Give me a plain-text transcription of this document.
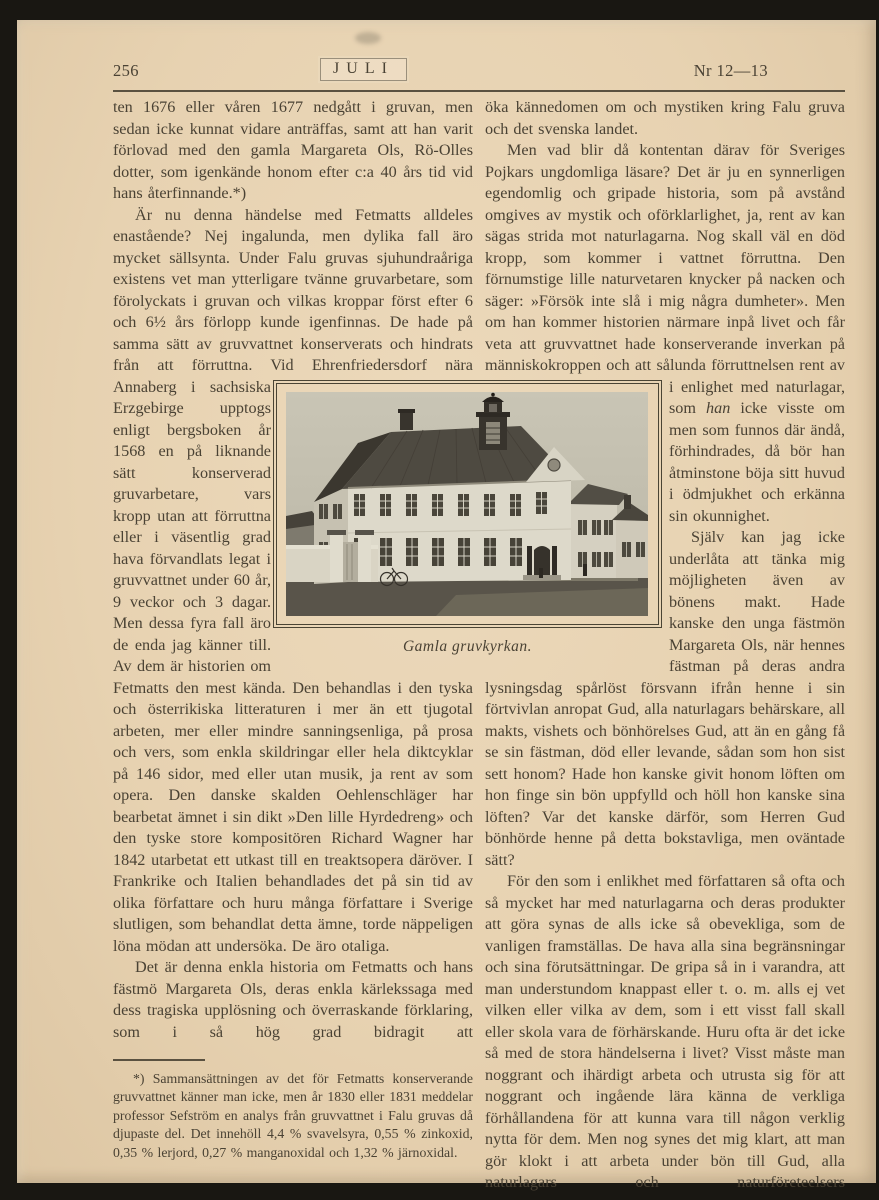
256	JULI	Nr 12—13

ten 1676 eller våren 1677 nedgått i gruvan, men sedan icke kunnat vidare anträffas, samt att han varit förlovad med den gamla Margareta Ols, Rö-Olles dotter, som igenkände honom efter c:a 40 års tid vid hans återfinnande.*)

Är nu denna händelse med Fetmatts alldeles enastående? Nej ingalunda, men dylika fall äro mycket sällsynta. Under Falu gruvas sjuhundraåriga existens vet man ytterligare tvänne gruvarbetare, som förolyckats i gruvan och vilkas kroppar först efter 6 och 6½ års förlopp kunde igenfinnas. De hade på samma sätt av gruvvattnet konserverats och hindrats från att förruttna. Vid Ehrenfriedersdorf nära Annaberg i sachsiska Erzgebirge upptogs enligt bergsboken år 1568 en på liknande sätt konserverad gruvarbetare, vars kropp utan att förruttna eller i väsentlig grad hava förvandlats legat i gruvvattnet under 60 år, 9 veckor och 3 dagar. Men dessa fyra fall äro de enda jag känner till. Av dem är historien om Fetmatts den mest kända. Den behandlas i den tyska och österrikiska litteraturen i mer än ett tjugotal arbeten, mer eller mindre sanningsenliga, på prosa och vers, som enkla skildringar eller hela diktcyklar på 146 sidor, med eller utan musik, ja rent av som opera. Den danske skalden Oehlenschläger har bearbetat ämnet i sin dikt »Den lille Hyrdedreng» och den tyske store kompositören Richard Wagner har 1842 utarbetat ett utkast till en treaktsopera däröver. I Frankrike och Italien behandlades det på sin tid av olika författare och huru många författare i Sverige slutligen, som behandlat detta ämne, torde näppeligen löna mödan att undersöka. De äro otaliga.

Det är denna enkla historia om Fetmatts och hans fästmö Margareta Ols, deras enkla kärlekssaga med dess tragiska upplösning och överraskande förklaring, som i så hög grad bidragit att

*) Sammansättningen av det för Fetmatts konserverande gruvvattnet känner man icke, men år 1830 eller 1831 meddelar professor Sefström en analys från gruvvattnet i Falu gruvas då djupaste del. Det innehöll 4,4 % svavelsyra, 0,55 % zinkoxid, 0,35 % lerjord, 0,27 % manganoxidal och 1,32 % järnoxidal.

öka kännedomen om och mystiken kring Falu gruva och det svenska landet.

Men vad blir då kontentan därav för Sveriges Pojkars ungdomliga läsare? Det är ju en synnerligen egendomlig och gripade historia, som på avstånd omgives av mystik och oförklarlighet, ja, rent av kan sägas strida mot naturlagarna. Nog skall väl en död kropp, som kommer i vattnet förruttna. Den förnumstige lille naturvetaren knycker på nacken och säger: »Försök inte slå i mig några dumheter». Men om han kommer historien närmare inpå livet och får veta att gruvvattnet hade konserverande inverkan på människokroppen och att sålunda förruttnelsen rent av i enlighet med naturlagar, som han icke visste om men som funnos där ändå, förhindrades, då bör han åtminstone böja sitt huvud i ödmjukhet och erkänna sin okunnighet.

Själv kan jag icke underlåta att tänka mig möjligheten även av bönens makt. Hade kanske den unga fästmön Margareta Ols, när hennes fästman på deras andra lysningsdag spårlöst försvann ifrån henne i sin förtvivlan anropat Gud, alla naturlagars behärskare, all makts, vishets och bönhörelses Gud, att än en gång få se sin fästman, död eller levande, sådan som hon sist sett honom? Hade hon kanske givit honom löften om hon finge sin bön uppfylld och höll hon kanske sina löften? Var det kanske därför, som Herren Gud bönhörde henne på detta bokstavliga, men oväntade sätt?

För den som i enlikhet med författaren så ofta och så mycket har med naturlagarna och deras produkter att göra synas de alls icke så obevekliga, som de vanligen framställas. De hava alla sina begränsningar och sina förutsättningar. De gripa så in i varandra, att man understundom knappast eller t. o. m. alls ej vet vilken eller vilka av dem, som i ett visst fall skall eller skola vara de förhärskande. Huru ofta är det icke så med de stora händelserna i livet? Visst måste man noggrant och ihärdigt arbeta och utrusta sig för att noggrant och ingående lära känna de verkliga förhållandena för att kunna vara till någon verklig nytta för dem. Men nog synes det mig klart, att man gör klokt i att arbeta under bön till Gud, alla naturlagars och naturföreteelsers

Gamla gruvkyrkan.
